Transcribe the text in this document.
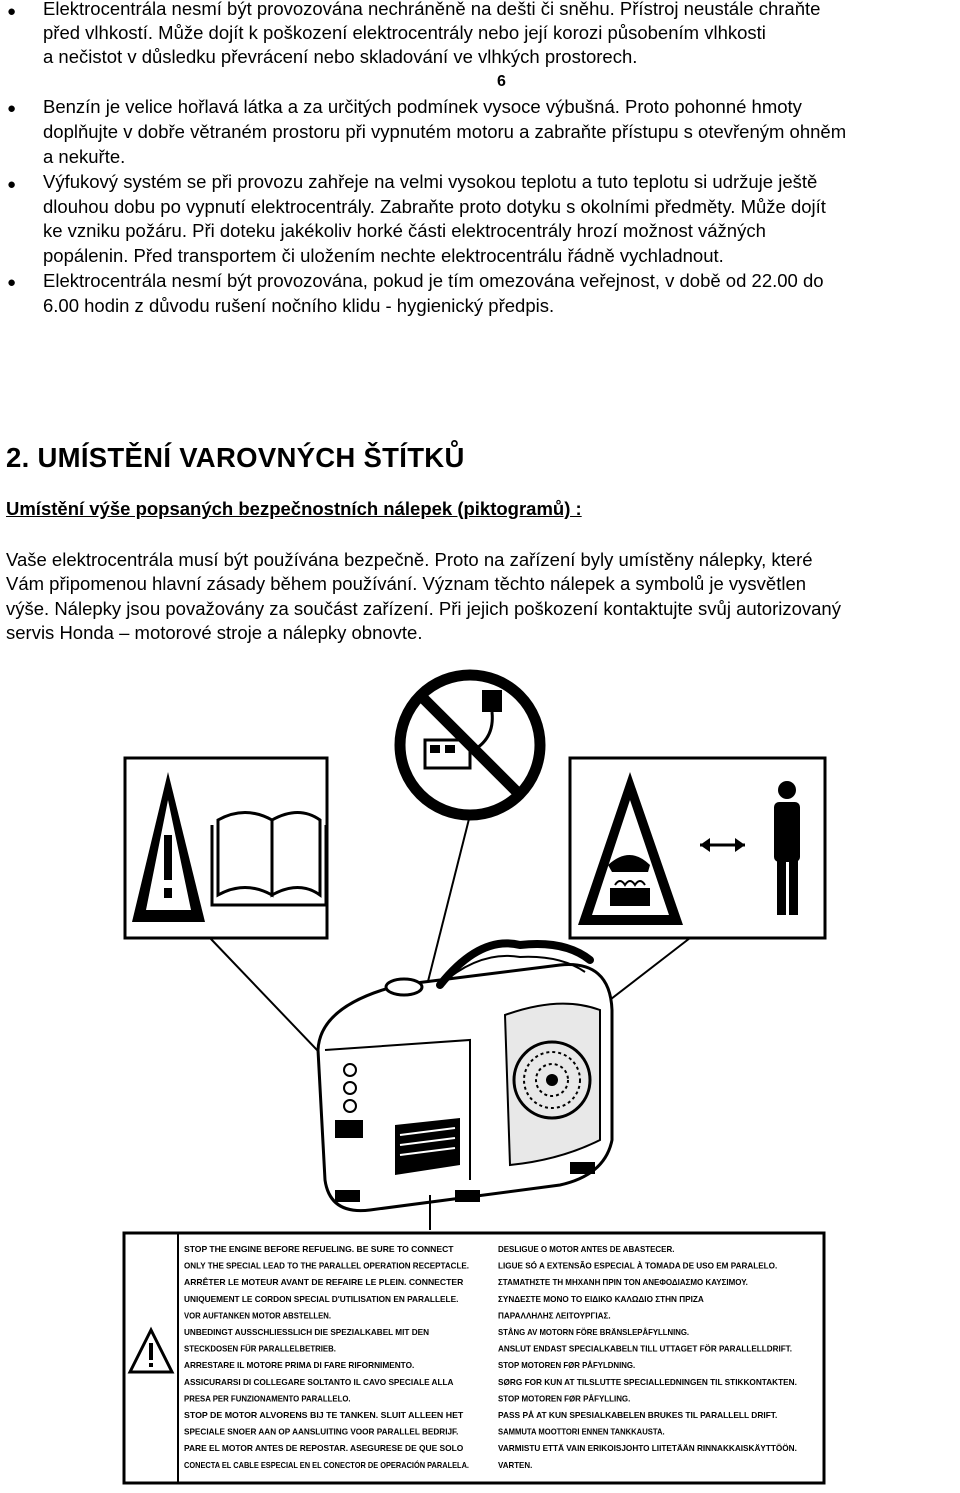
● Elektrocentrála nesmí být provozována nechráněně na dešti či sněhu. Přístroj neustále chraňte
před vlhkostí. Může dojít k poškození elektrocentrály nebo její korozi působením vlhkosti
a nečistot v důsledku převrácení nebo skladování ve vlhkých prostorech.
6
● Benzín je velice hořlavá látka a za určitých podmínek vysoce výbušná. Proto pohonné hmoty
doplňujte v dobře větraném prostoru při vypnutém motoru a zabraňte přístupu s otevřeným ohněm
a nekuřte.
● Výfukový systém se při provozu zahřeje na velmi vysokou teplotu a tuto teplotu si udržuje ještě
dlouhou dobu po vypnutí elektrocentrály. Zabraňte proto dotyku s okolními předměty. Může dojít
ke vzniku požáru. Při doteku jakékoliv horké části elektrocentrály hrozí možnost vážných
popálenin. Před transportem či uložením nechte elektrocentrálu řádně vychladnout.
● Elektrocentrála nesmí být provozována, pokud je tím omezována veřejnost, v době od 22.00 do
6.00 hodin z důvodu rušení nočního klidu - hygienický předpis.
2. UMÍSTĚNÍ VAROVNÝCH ŠTÍTKŮ
Umístění výše popsaných bezpečnostních nálepek (piktogramů) :
Vaše elektrocentrála musí být používána bezpečně. Proto na zařízení byly umístěny nálepky, které
Vám připomenou hlavní zásady během používání. Význam těchto nálepek a symbolů je vysvětlen
výše. Nálepky jsou považovány za součást zařízení. Při jejich poškození kontaktujte svůj autorizovaný
servis Honda – motorové stroje a nálepky obnovte.
STOP THE ENGINE BEFORE REFUELING. BE SURE TO CONNECT
ONLY THE SPECIAL LEAD TO THE PARALLEL OPERATION RECEPTACLE.
ARRÊTER LE MOTEUR AVANT DE REFAIRE LE PLEIN. CONNECTER
UNIQUEMENT LE CORDON SPECIAL D'UTILISATION EN PARALLELE.
VOR AUFTANKEN MOTOR ABSTELLEN.
UNBEDINGT AUSSCHLIESSLICH DIE SPEZIALKABEL MIT DEN
STECKDOSEN FÜR PARALLELBETRIEB.
ARRESTARE IL MOTORE PRIMA DI FARE RIFORNIMENTO.
ASSICURARSI DI COLLEGARE SOLTANTO IL CAVO SPECIALE ALLA
PRESA PER FUNZIONAMENTO PARALLELO.
STOP DE MOTOR ALVORENS BIJ TE TANKEN. SLUIT ALLEEN HET
SPECIALE SNOER AAN OP AANSLUITING VOOR PARALLEL BEDRIJF.
PARE EL MOTOR ANTES DE REPOSTAR. ASEGURESE DE QUE SOLO
CONECTA EL CABLE ESPECIAL EN EL CONECTOR DE OPERACIÓN PARALELA.
DESLIGUE O MOTOR ANTES DE ABASTECER.
LIGUE SÓ A EXTENSÃO ESPECIAL À TOMADA DE USO EM PARALELO.
ΣΤΑΜΑΤΗΣΤΕ ΤΗ ΜΗΧΑΝΗ ΠΡΙΝ ΤΟΝ ΑΝΕΦΟΔΙΑΣΜΟ ΚΑΥΣΙΜΟΥ.
ΣΥΝΔΕΣΤΕ ΜΟΝΟ ΤΟ ΕΙΔΙΚΟ ΚΑΛΩΔΙΟ ΣΤΗΝ ΠΡΙΖΑ
ΠΑΡΑΛΛΗΛΗΣ ΛΕΙΤΟΥΡΓΙΑΣ.
STÅNG AV MOTORN FÖRE BRÄNSLEPÅFYLLNING.
ANSLUT ENDAST SPECIALKABELN TILL UTTAGET FÖR PARALLELLDRIFT.
STOP MOTOREN FØR PÅFYLDNING.
SØRG FOR KUN AT TILSLUTTE SPECIALLEDNINGEN TIL STIKKONTAKTEN.
STOP MOTOREN FØR PÅFYLLING.
PASS PÅ AT KUN SPESIALKABELEN BRUKES TIL PARALLELL DRIFT.
SAMMUTA MOOTTORI ENNEN TANKKAUSTA.
VARMISTU ETTÄ VAIN ERIKOISJOHTO LIITETÄÄN RINNAKKAISKÄYTTÖÖN.
VARTEN.
